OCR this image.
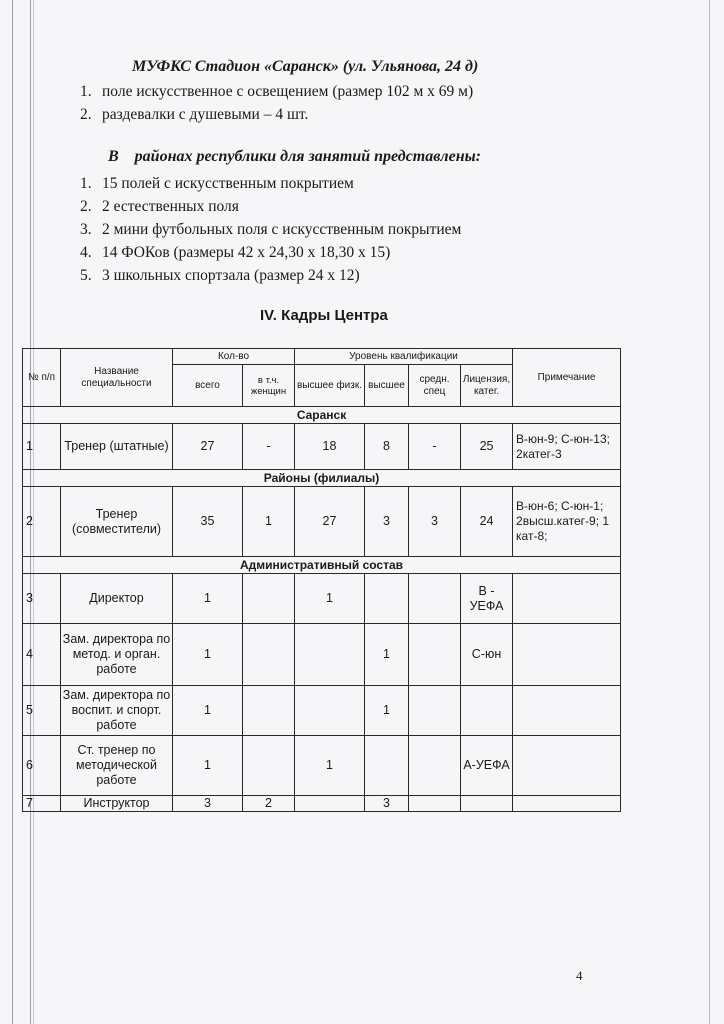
МУФКС Стадион «Саранск» (ул. Ульянова, 24 д)
1. поле искусственное с освещением (размер 102 м х 69 м)
2. раздевалки с душевыми – 4 шт.
В    районах республики для занятий представлены:
1. 15 полей с искусственным покрытием
2. 2 естественных поля
3. 2 мини футбольных поля с искусственным покрытием
4. 14 ФОКов (размеры 42 х 24,30 х 18,30 х 15)
5. 3 школьных спортзала (размер 24 х 12)
IV. Кадры Центра
№ п/п	Название специальности	Кол-во		Уровень квалификации				Примечание
		всего	в т.ч. женщин	высшее физк.	высшее	средн. спец	Лицензия, катег.	
Саранск								
1	Тренер (штатные)	27	-	18	8	-	25	В-юн-9; С-юн-13; 2катег-3
Районы (филиалы)								
2	Тренер (совместители)	35	1	27	3	3	24	В-юн-6; С-юн-1; 2высш.катег-9; 1 кат-8;
Административный состав								
3	Директор	1		1			В - УЕФА	
4	Зам. директора по метод. и орган. работе	1			1		С-юн	
5	Зам. директора по воспит. и спорт. работе	1			1			
6	Ст. тренер по методической работе	1		1			А-УЕФА	
7	Инструктор	3	2		3			
4
